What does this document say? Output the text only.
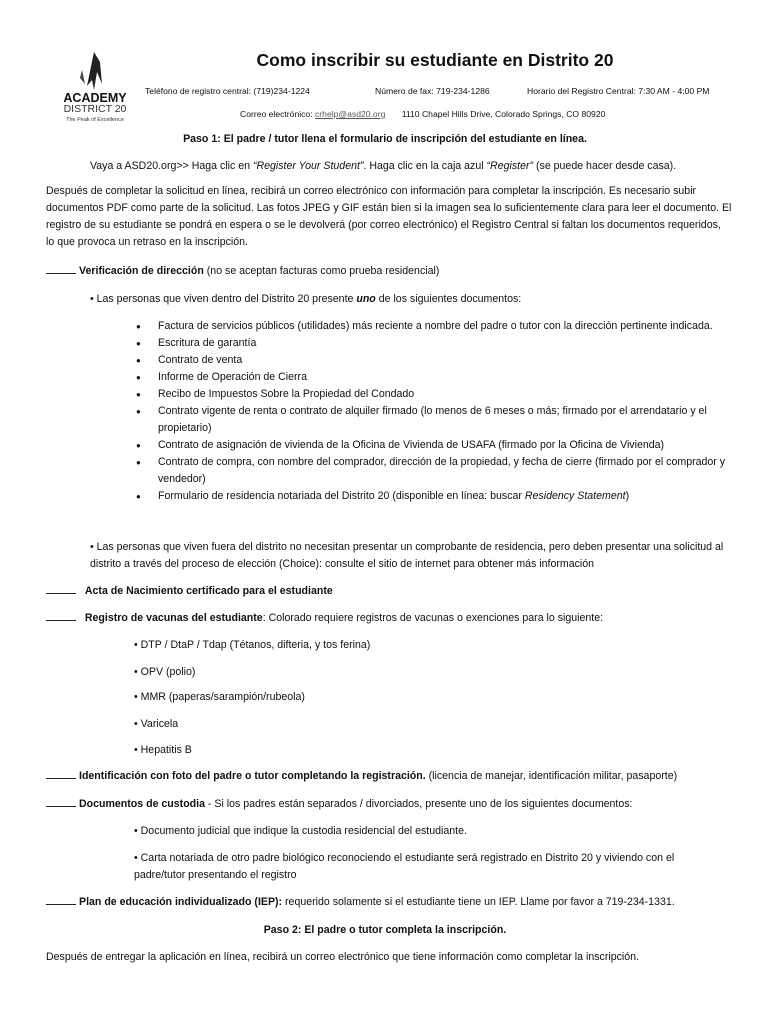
ACADEMY
DISTRICT 20
The Peak of Excellence
Como inscribir su estudiante en Distrito 20
Teléfono de registro central: (719)234-1224	Número de fax: 719-234-1286	Horario del Registro Central: 7:30 AM - 4:00 PM
Correo electrónico: crhelp@asd20.org 1110 Chapel Hills Drive, Colorado Springs, CO 80920
Paso 1: El padre / tutor llena el formulario de inscripción del estudiante en línea.
Vaya a ASD20.org>> Haga clic en “Register Your Student”. Haga clic en la caja azul “Register” (se puede hacer desde casa).

Después de completar la solicitud en línea, recibirá un correo electrónico con información para completar la inscripción. Es necesario subir documentos PDF como parte de la solicitud. Las fotos JPEG y GIF están bien si la imagen sea lo suficientemente clara para leer el documento. El registro de su estudiante se pondrá en espera o se le devolverá (por correo electrónico) el Registro Central si faltan los documentos requeridos, lo que provoca un retraso en la inscripción.

Verificación de dirección (no se aceptan facturas como prueba residencial)
• Las personas que viven dentro del Distrito 20 presente uno de los siguientes documentos:
● Factura de servicios públicos (utilidades) más reciente a nombre del padre o tutor con la dirección pertinente indicada.
● Escritura de garantía
● Contrato de venta
● Informe de Operación de Cierra
● Recibo de Impuestos Sobre la Propiedad del Condado
● Contrato vigente de renta o contrato de alquiler firmado (lo menos de 6 meses o más; firmado por el arrendatario y el propietario)
● Contrato de asignación de vivienda de la Oficina de Vivienda de USAFA (firmado por la Oficina de Vivienda)
● Contrato de compra, con nombre del comprador, dirección de la propiedad, y fecha de cierre (firmado por el comprador y vendedor)
● Formulario de residencia notariada del Distrito 20 (disponible en línea: buscar Residency Statement)

• Las personas que viven fuera del distrito no necesitan presentar un comprobante de residencia, pero deben presentar una solicitud al distrito a través del proceso de elección (Choice): consulte el sitio de internet para obtener más información

Acta de Nacimiento certificado para el estudiante
Registro de vacunas del estudiante: Colorado requiere registros de vacunas o exenciones para lo siguiente:
• DTP / DtaP / Tdap (Tétanos, difteria, y tos ferina)
• OPV (polio)
• MMR (paperas/sarampión/rubeola)
• Varicela
• Hepatitis B
Identificación con foto del padre o tutor completando la registración. (licencia de manejar, identificación militar, pasaporte)
Documentos de custodia - Si los padres están separados / divorciados, presente uno de los siguientes documentos:
• Documento judicial que indique la custodia residencial del estudiante.

• Carta notariada de otro padre biológico reconociendo el estudiante será registrado en Distrito 20 y viviendo con el padre/tutor presentando el registro

Plan de educación individualizado (IEP): requerido solamente si el estudiante tiene un IEP. Llame por favor a 719-234-1331.
Paso 2: El padre o tutor completa la inscripción.

Después de entregar la aplicación en línea, recibirá un correo electrónico que tiene información como completar la inscripción.
